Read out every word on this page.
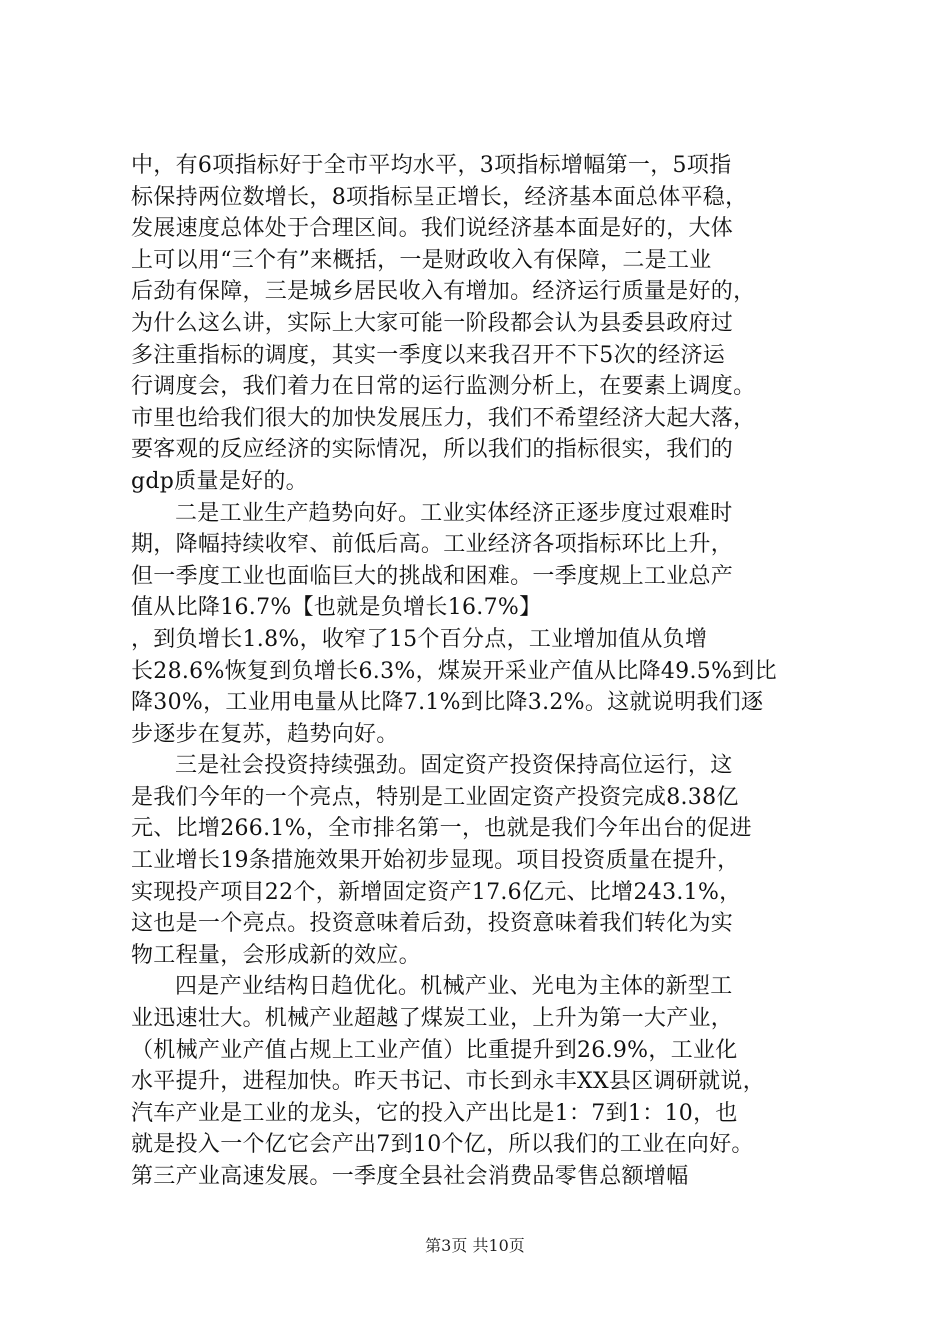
中，有6项指标好于全市平均水平，3项指标增幅第一，5项指
标保持两位数增长，8项指标呈正增长，经济基本面总体平稳，
发展速度总体处于合理区间。我们说经济基本面是好的，大体
上可以用“三个有”来概括，一是财政收入有保障，二是工业
后劲有保障，三是城乡居民收入有增加。经济运行质量是好的，
为什么这么讲，实际上大家可能一阶段都会认为县委县政府过
多注重指标的调度，其实一季度以来我召开不下5次的经济运
行调度会，我们着力在日常的运行监测分析上，在要素上调度。
市里也给我们很大的加快发展压力，我们不希望经济大起大落，
要客观的反应经济的实际情况，所以我们的指标很实，我们的
gdp质量是好的。
二是工业生产趋势向好。工业实体经济正逐步度过艰难时
期，降幅持续收窄、前低后高。工业经济各项指标环比上升，
但一季度工业也面临巨大的挑战和困难。一季度规上工业总产
值从比降16.7%【也就是负增长16.7%】
，到负增长1.8%，收窄了15个百分点，工业增加值从负增
长28.6%恢复到负增长6.3%，煤炭开采业产值从比降49.5%到比
降30%，工业用电量从比降7.1%到比降3.2%。这就说明我们逐
步逐步在复苏，趋势向好。
三是社会投资持续强劲。固定资产投资保持高位运行，这
是我们今年的一个亮点，特别是工业固定资产投资完成8.38亿
元、比增266.1%，全市排名第一，也就是我们今年出台的促进
工业增长19条措施效果开始初步显现。项目投资质量在提升，
实现投产项目22个，新增固定资产17.6亿元、比增243.1%，
这也是一个亮点。投资意味着后劲，投资意味着我们转化为实
物工程量，会形成新的效应。
四是产业结构日趋优化。机械产业、光电为主体的新型工
业迅速壮大。机械产业超越了煤炭工业，上升为第一大产业，
（机械产业产值占规上工业产值）比重提升到26.9%，工业化
水平提升，进程加快。昨天书记、市长到永丰XX县区调研就说，
汽车产业是工业的龙头，它的投入产出比是1：7到1：10，也
就是投入一个亿它会产出7到10个亿，所以我们的工业在向好。
第三产业高速发展。一季度全县社会消费品零售总额增幅
第3页 共10页
